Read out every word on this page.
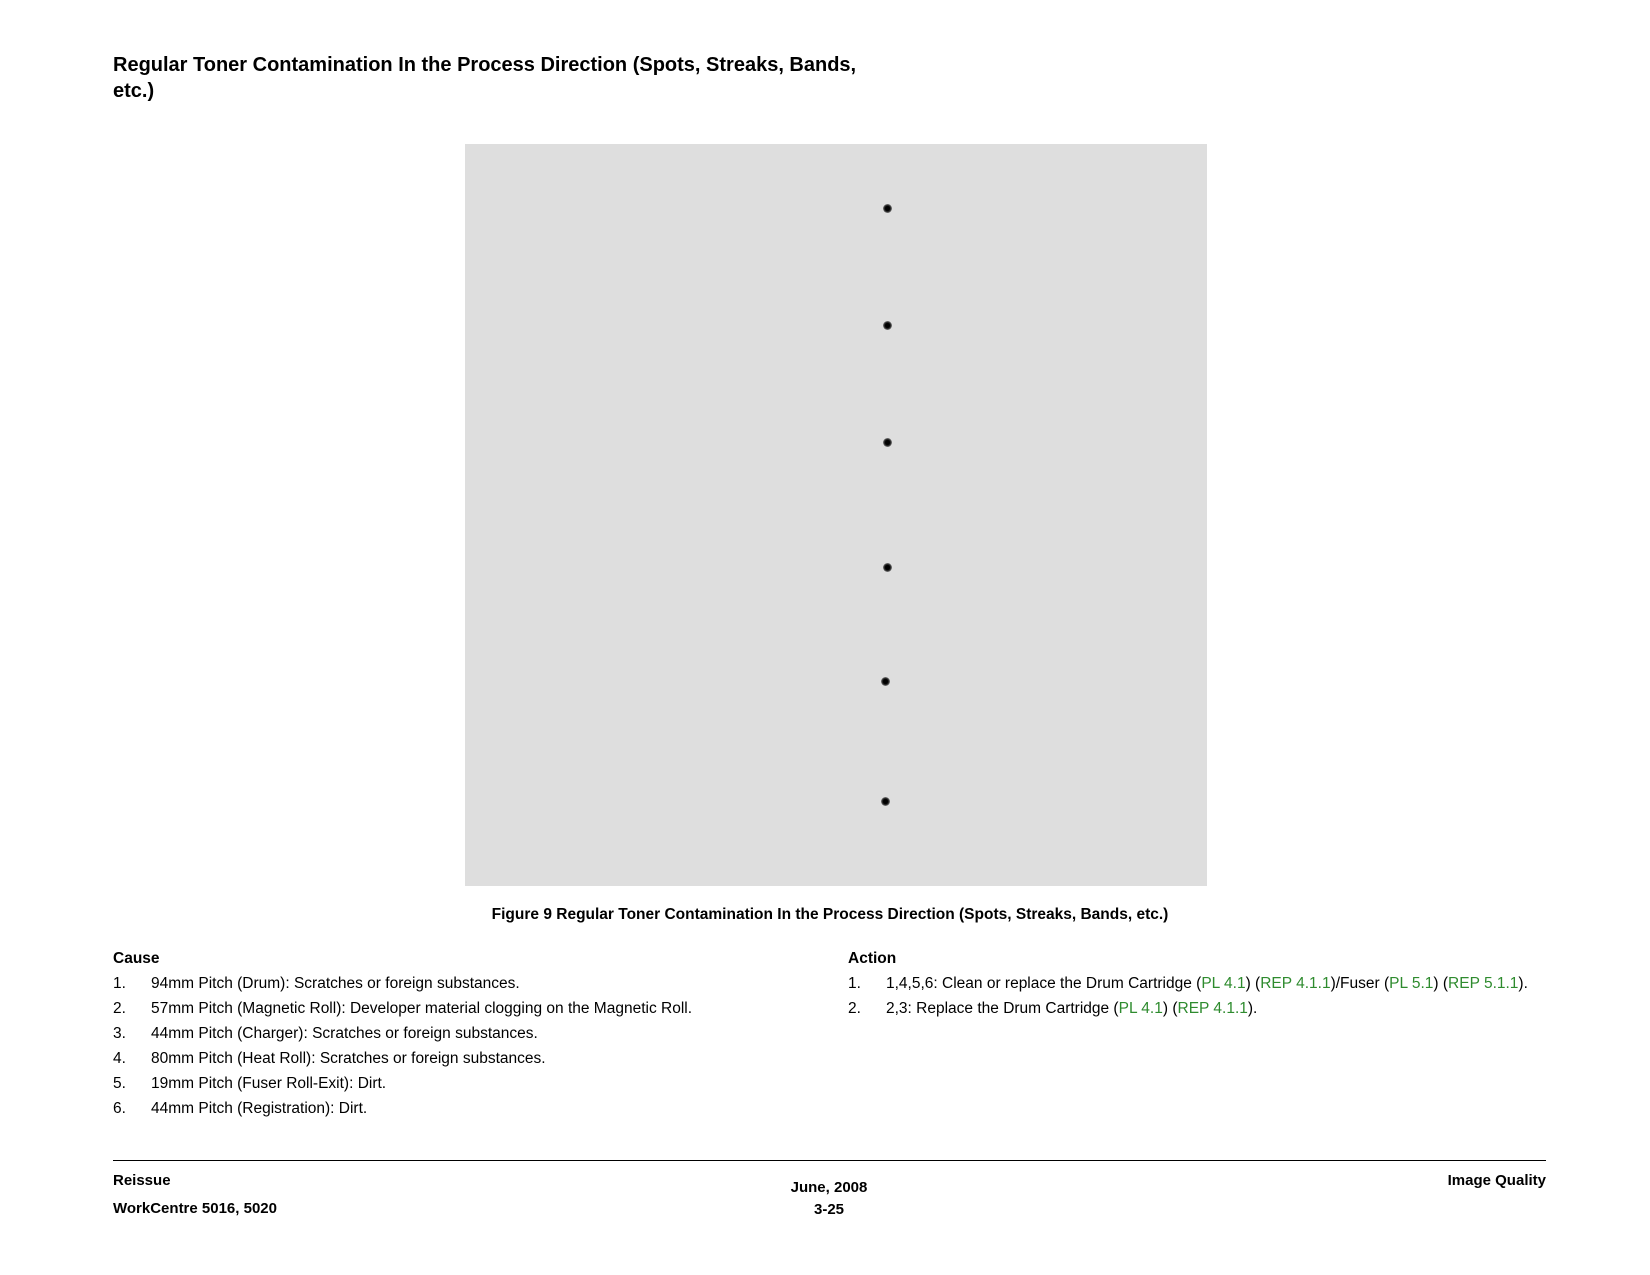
Regular Toner Contamination In the Process Direction (Spots, Streaks, Bands, etc.)
Figure 9 Regular Toner Contamination In the Process Direction (Spots, Streaks, Bands, etc.)
Cause
1. 94mm Pitch (Drum): Scratches or foreign substances.
2. 57mm Pitch (Magnetic Roll): Developer material clogging on the Magnetic Roll.
3. 44mm Pitch (Charger): Scratches or foreign substances.
4. 80mm Pitch (Heat Roll): Scratches or foreign substances.
5. 19mm Pitch (Fuser Roll-Exit): Dirt.
6. 44mm Pitch (Registration): Dirt.
Action
1. 1,4,5,6: Clean or replace the Drum Cartridge (PL 4.1) (REP 4.1.1)/Fuser (PL 5.1) (REP 5.1.1).
2. 2,3: Replace the Drum Cartridge (PL 4.1) (REP 4.1.1).
Reissue
WorkCentre 5016, 5020
June, 2008
3-25
Image Quality
